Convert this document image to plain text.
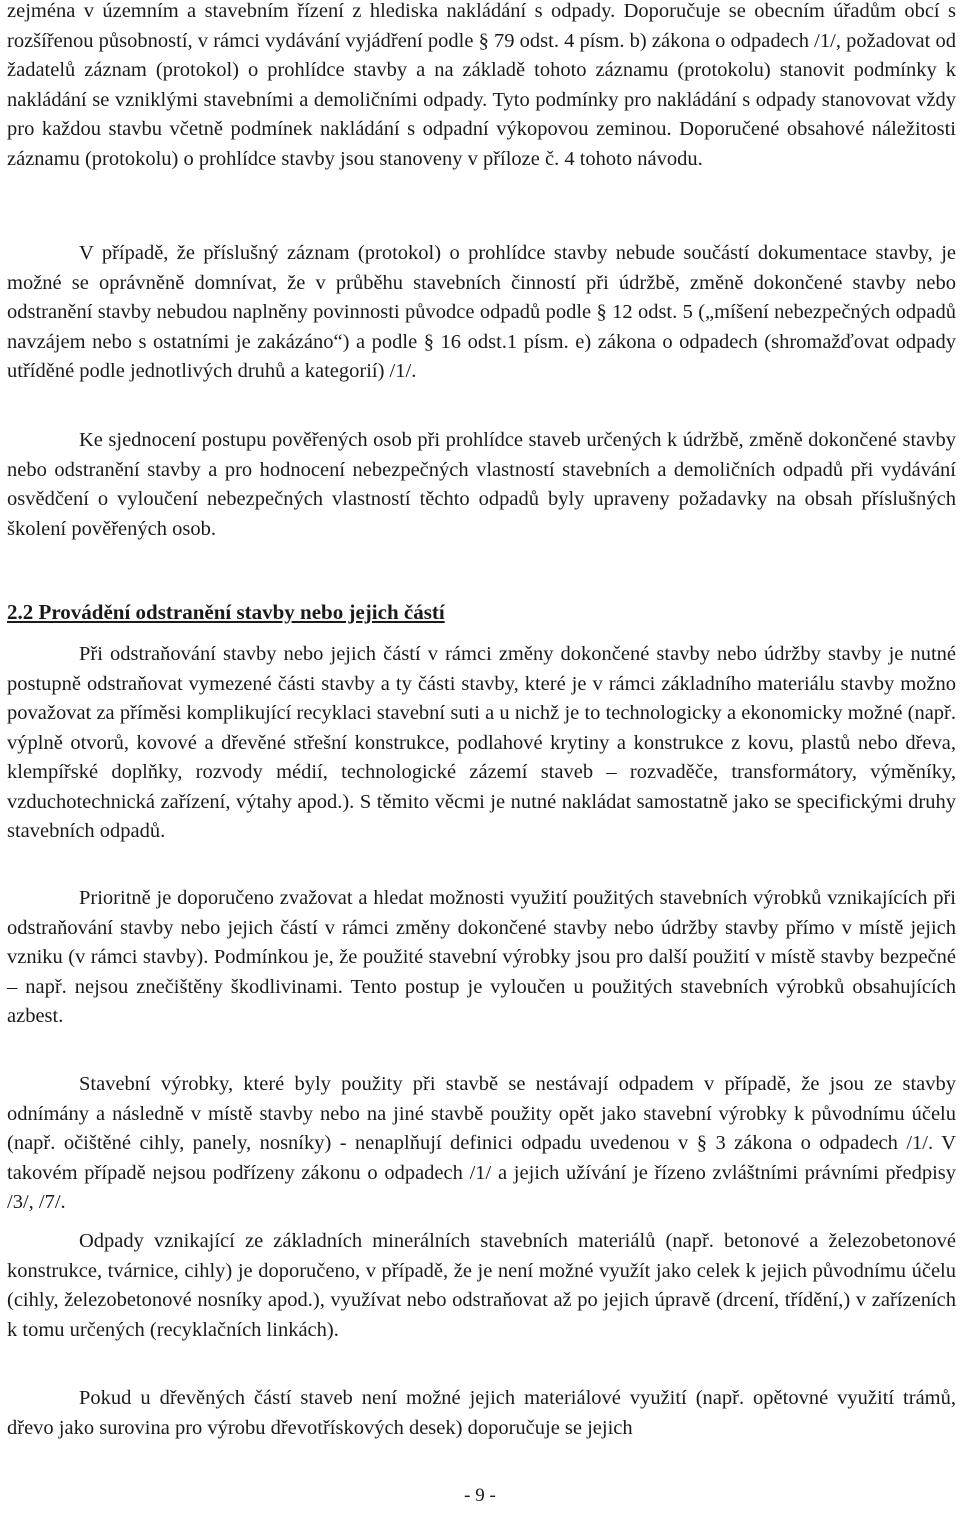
zejména v územním a stavebním řízení z hlediska nakládání s odpady. Doporučuje se obecním úřadům obcí s rozšířenou působností, v rámci vydávání vyjádření podle § 79 odst. 4 písm. b) zákona o odpadech /1/, požadovat od žadatelů záznam (protokol) o prohlídce stavby a na základě tohoto záznamu (protokolu) stanovit podmínky k nakládání se vzniklými stavebními a demoličními odpady. Tyto podmínky pro nakládání s odpady stanovovat vždy pro každou stavbu včetně podmínek nakládání s odpadní výkopovou zeminou. Doporučené obsahové náležitosti záznamu (protokolu) o prohlídce stavby jsou stanoveny v příloze č. 4 tohoto návodu.

V případě, že příslušný záznam (protokol) o prohlídce stavby nebude součástí dokumentace stavby, je možné se oprávněně domnívat, že v průběhu stavebních činností při údržbě, změně dokončené stavby nebo odstranění stavby nebudou naplněny povinnosti původce odpadů podle § 12 odst. 5 („míšení nebezpečných odpadů navzájem nebo s ostatními je zakázáno“) a podle § 16 odst.1 písm. e) zákona o odpadech (shromažďovat odpady utříděné podle jednotlivých druhů a kategorií) /1/.

Ke sjednocení postupu pověřených osob při prohlídce staveb určených k údržbě, změně dokončené stavby nebo odstranění stavby a pro hodnocení nebezpečných vlastností stavebních a demoličních odpadů při vydávání osvědčení o vyloučení nebezpečných vlastností těchto odpadů byly upraveny požadavky na obsah příslušných školení pověřených osob.

2.2 Provádění odstranění stavby nebo jejich částí

Při odstraňování stavby nebo jejich částí v rámci změny dokončené stavby nebo údržby stavby je nutné postupně odstraňovat vymezené části stavby a ty části stavby, které je v rámci základního materiálu stavby možno považovat za příměsi komplikující recyklaci stavební suti a u nichž je to technologicky a ekonomicky možné (např. výplně otvorů, kovové a dřevěné střešní konstrukce, podlahové krytiny a konstrukce z kovu, plastů nebo dřeva, klempířské doplňky, rozvody médií, technologické zázemí staveb – rozvaděče, transformátory, výměníky, vzduchotechnická zařízení, výtahy apod.). S těmito věcmi je nutné nakládat samostatně jako se specifickými druhy stavebních odpadů.

Prioritně je doporučeno zvažovat a hledat možnosti využití použitých stavebních výrobků vznikajících při odstraňování stavby nebo jejich částí v rámci změny dokončené stavby nebo údržby stavby přímo v místě jejich vzniku (v rámci stavby). Podmínkou je, že použité stavební výrobky jsou pro další použití v místě stavby bezpečné – např. nejsou znečištěny škodlivinami. Tento postup je vyloučen u použitých stavebních výrobků obsahujících azbest.

Stavební výrobky, které byly použity při stavbě se nestávají odpadem v případě, že jsou ze stavby odnímány a následně v místě stavby nebo na jiné stavbě použity opět jako stavební výrobky k původnímu účelu (např. očištěné cihly, panely, nosníky) - nenaplňují definici odpadu uvedenou v § 3 zákona o odpadech /1/. V takovém případě nejsou podřízeny zákonu o odpadech /1/ a jejich užívání je řízeno zvláštními právními předpisy /3/, /7/.

Odpady vznikající ze základních minerálních stavebních materiálů (např. betonové a železobetonové konstrukce, tvárnice, cihly) je doporučeno, v případě, že je není možné využít jako celek k jejich původnímu účelu (cihly, železobetonové nosníky apod.), využívat nebo odstraňovat až po jejich úpravě (drcení, třídění,) v zařízeních k tomu určených (recyklačních linkách).

Pokud u dřevěných částí staveb není možné jejich materiálové využití (např. opětovné využití trámů, dřevo jako surovina pro výrobu dřevotřískových desek) doporučuje se jejich

- 9 -
